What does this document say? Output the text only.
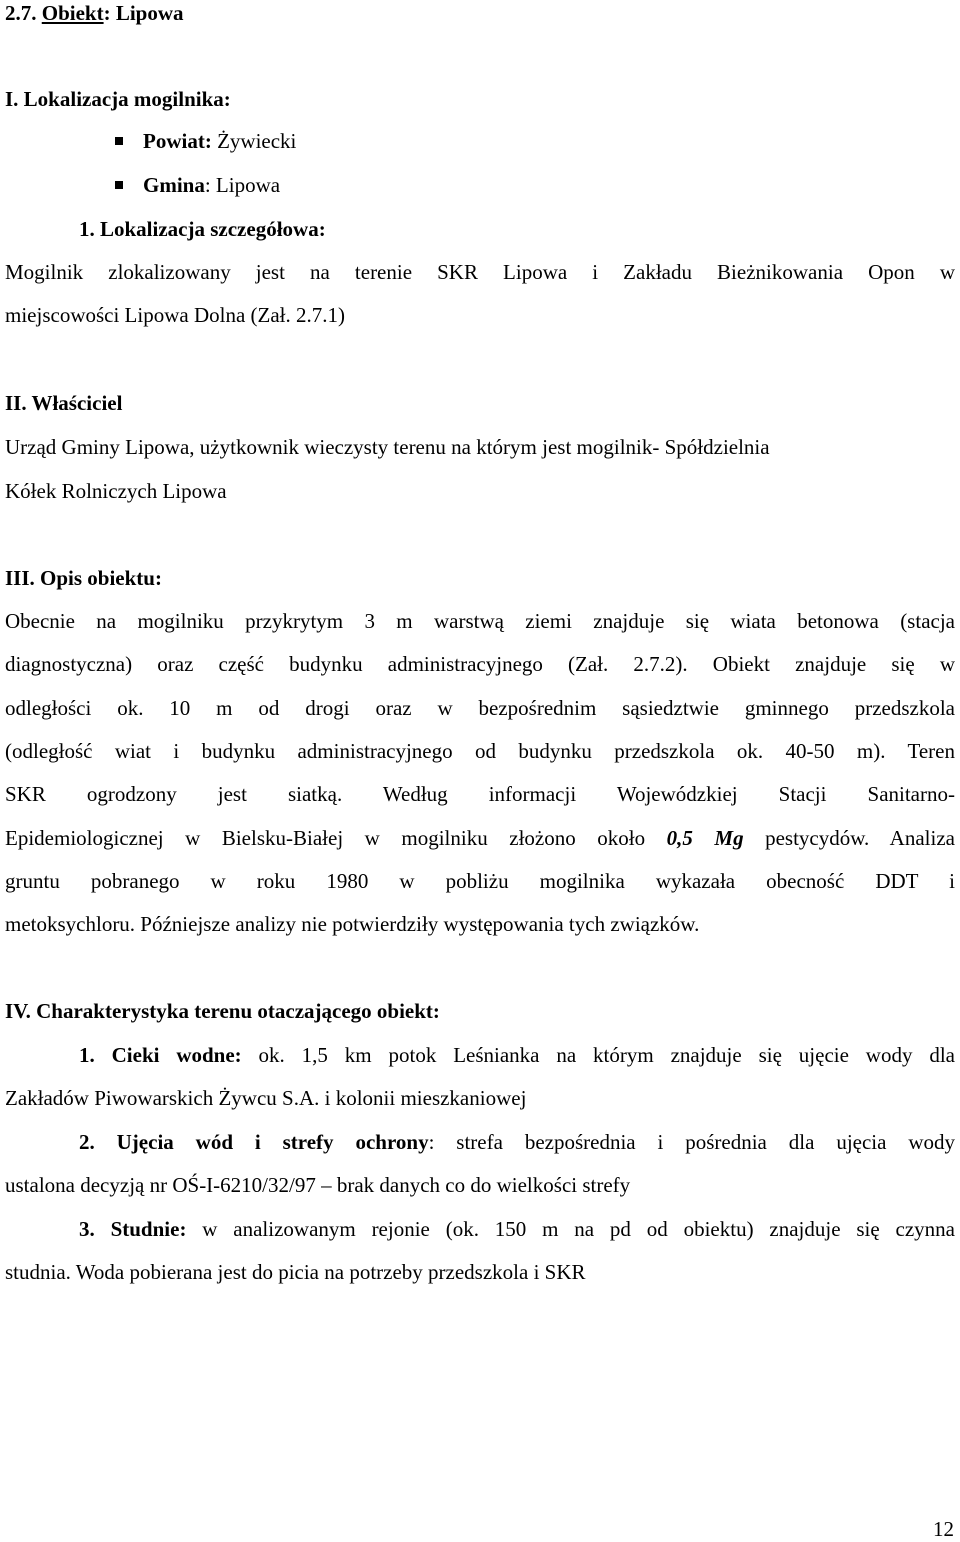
2.7. Obiekt: Lipowa
I. Lokalizacja mogilnika:
Powiat: Żywiecki
Gmina: Lipowa
1. Lokalizacja szczegółowa:
Mogilnik zlokalizowany jest na terenie SKR Lipowa i Zakładu Bieżnikowania Opon w
miejscowości Lipowa Dolna (Zał. 2.7.1)
II. Właściciel
Urząd Gminy Lipowa, użytkownik wieczysty terenu na którym jest mogilnik- Spółdzielnia
Kółek Rolniczych Lipowa
III. Opis obiektu:
Obecnie na mogilniku przykrytym 3 m warstwą ziemi znajduje się wiata betonowa (stacja
diagnostyczna) oraz część budynku administracyjnego (Zał. 2.7.2). Obiekt znajduje się w
odległości ok. 10 m od drogi oraz w bezpośrednim sąsiedztwie gminnego przedszkola
(odległość wiat i budynku administracyjnego od budynku przedszkola ok. 40-50 m). Teren
SKR ogrodzony jest siatką. Według informacji Wojewódzkiej Stacji Sanitarno-
Epidemiologicznej w Bielsku-Białej w mogilniku złożono około 0,5 Mg pestycydów. Analiza
gruntu pobranego w roku 1980 w pobliżu mogilnika wykazała obecność DDT i
metoksychloru. Późniejsze analizy nie potwierdziły występowania tych związków.
IV. Charakterystyka terenu otaczającego obiekt:
1. Cieki wodne: ok. 1,5 km potok Leśnianka na którym znajduje się ujęcie wody dla
Zakładów Piwowarskich Żywcu S.A. i kolonii mieszkaniowej
2. Ujęcia wód i strefy ochrony: strefa bezpośrednia i pośrednia dla ujęcia wody
ustalona decyzją nr OŚ-I-6210/32/97 – brak danych co do wielkości strefy
3. Studnie: w analizowanym rejonie (ok. 150 m na pd od obiektu) znajduje się czynna
studnia. Woda pobierana jest do picia na potrzeby przedszkola i SKR
12
